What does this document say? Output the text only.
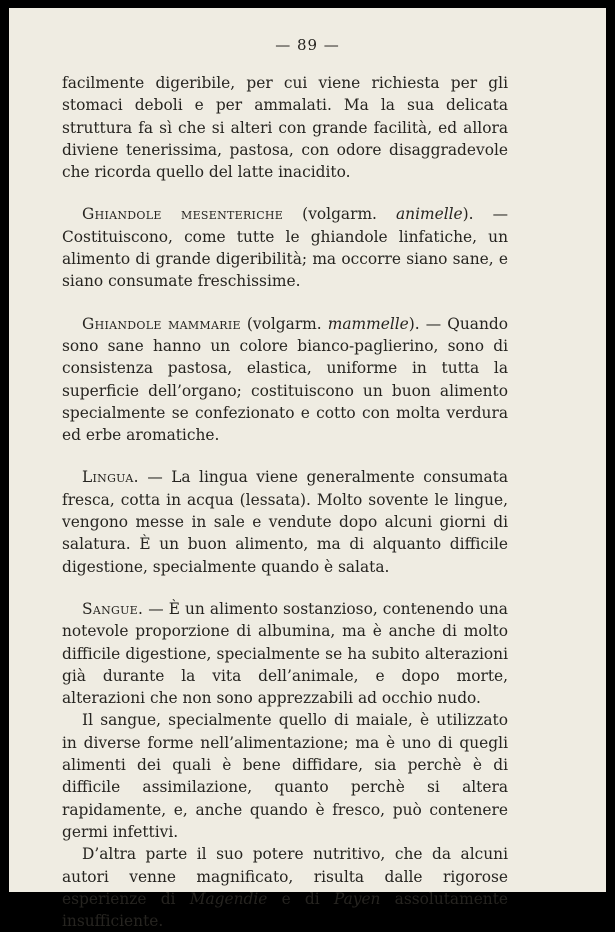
— 89 —

facilmente digeribile, per cui viene richiesta per gli stomaci deboli e per ammalati. Ma la sua delicata struttura fa sì che si alteri con grande facilità, ed allora diviene tenerissima, pastosa, con odore disaggradevole che ricorda quello del latte inacidito.

Ghiandole mesenteriche (volgarm. animelle). — Costituiscono, come tutte le ghiandole linfatiche, un alimento di grande digeribilità; ma occorre siano sane, e siano consumate freschissime.

Ghiandole mammarie (volgarm. mammelle). — Quando sono sane hanno un colore bianco-paglierino, sono di consistenza pastosa, elastica, uniforme in tutta la superficie dell’organo; costituiscono un buon alimento specialmente se confezionato e cotto con molta verdura ed erbe aromatiche.

Lingua. — La lingua viene generalmente consumata fresca, cotta in acqua (lessata). Molto sovente le lingue, vengono messe in sale e vendute dopo alcuni giorni di salatura. È un buon alimento, ma di alquanto difficile digestione, specialmente quando è salata.

Sangue. — È un alimento sostanzioso, contenendo una notevole proporzione di albumina, ma è anche di molto difficile digestione, specialmente se ha subito alterazioni già durante la vita dell’animale, e dopo morte, alterazioni che non sono apprezzabili ad occhio nudo.

Il sangue, specialmente quello di maiale, è utilizzato in diverse forme nell’alimentazione; ma è uno di quegli alimenti dei quali è bene diffidare, sia perchè è di difficile assimilazione, quanto perchè si altera rapidamente, e, anche quando è fresco, può contenere germi infettivi.

D’altra parte il suo potere nutritivo, che da alcuni autori venne magnificato, risulta dalle rigorose esperienze di Magendie e di Payen assolutamente insufficiente.
